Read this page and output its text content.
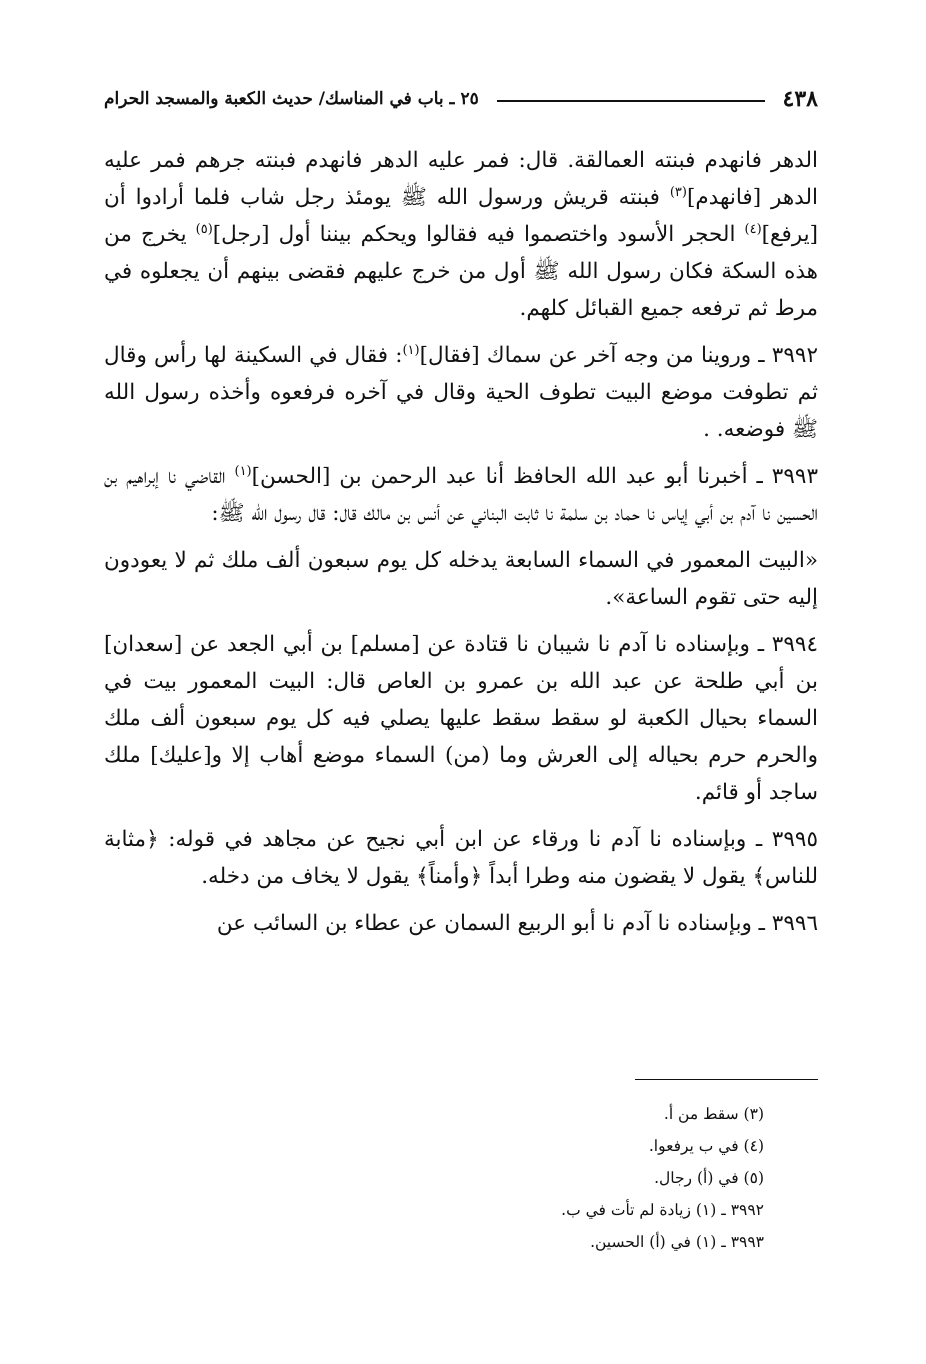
٤٣٨
٢٥ ـ باب في المناسك/ حديث الكعبة والمسجد الحرام

الدهر فانهدم فبنته العمالقة. قال: فمر عليه الدهر فانهدم فبنته جرهم فمر عليه الدهر [فانهدم]$^{(٣)}$ فبنته قريش ورسول الله ﷺ يومئذ رجل شاب فلما أرادوا أن [يرفع]$^{(٤)}$ الحجر الأسود واختصموا فيه فقالوا ويحكم بيننا أول [رجل]$^{(٥)}$ يخرج من هذه السكة فكان رسول الله ﷺ أول من خرج عليهم فقضى بينهم أن يجعلوه في مرط ثم ترفعه جميع القبائل كلهم.

٣٩٩٢ ـ وروينا من وجه آخر عن سماك [فقال]$^{(١)}$: فقال في السكينة لها رأس وقال ثم تطوفت موضع البيت تطوف الحية وقال في آخره فرفعوه وأخذه رسول الله ﷺ فوضعه. .

٣٩٩٣ ـ أخبرنا أبو عبد الله الحافظ أنا عبد الرحمن بن [الحسن]$^{(١)}$ القاضي نا إبراهيم بن الحسين نا آدم بن أبي إياس نا حماد بن سلمة نا ثابت البناني عن أنس بن مالك قال: قال رسول الله ﷺ:

«البيت المعمور في السماء السابعة يدخله كل يوم سبعون ألف ملك ثم لا يعودون إليه حتى تقوم الساعة».

٣٩٩٤ ـ وبإسناده نا آدم نا شيبان نا قتادة عن [مسلم] بن أبي الجعد عن [سعدان] بن أبي طلحة عن عبد الله بن عمرو بن العاص قال: البيت المعمور بيت في السماء بحيال الكعبة لو سقط سقط عليها يصلي فيه كل يوم سبعون ألف ملك والحرم حرم بحياله إلى العرش وما (من) السماء موضع أهاب إلا و[عليك] ملك ساجد أو قائم.

٣٩٩٥ ـ وبإسناده نا آدم نا ورقاء عن ابن أبي نجيح عن مجاهد في قوله: ﴿مثابة للناس﴾ يقول لا يقضون منه وطرا أبداً ﴿وأمناً﴾ يقول لا يخاف من دخله.

٣٩٩٦ ـ وبإسناده نا آدم نا أبو الربيع السمان عن عطاء بن السائب عن

(٣) سقط من أ.
(٤) في ب يرفعوا.
(٥) في (أ) رجال.
٣٩٩٢ ـ (١) زيادة لم تأت في ب.
٣٩٩٣ ـ (١) في (أ) الحسين.
